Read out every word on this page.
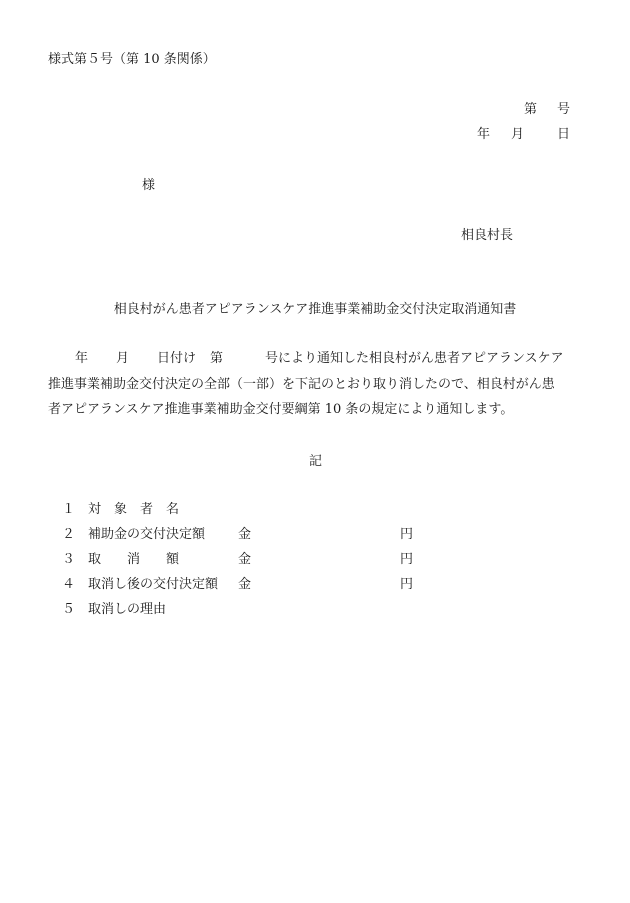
様式第５号（第 10 条関係）
第 号
年 月	日
様
相良村長
相良村がん患者アピアランスケア推進事業補助金交付決定取消通知書
年 月 日付け 第	号により通知した相良村がん患者アピアランスケア
推進事業補助金交付決定の全部（一部）を下記のとおり取り消したので、相良村がん患
者アピアランスケア推進事業補助金交付要綱第 10 条の規定により通知します。
記
１ 対　象　者　名
２ 補助金の交付決定額	金	円
３ 取　　消　　額	金	円
４ 取消し後の交付決定額 金	円
５ 取消しの理由
